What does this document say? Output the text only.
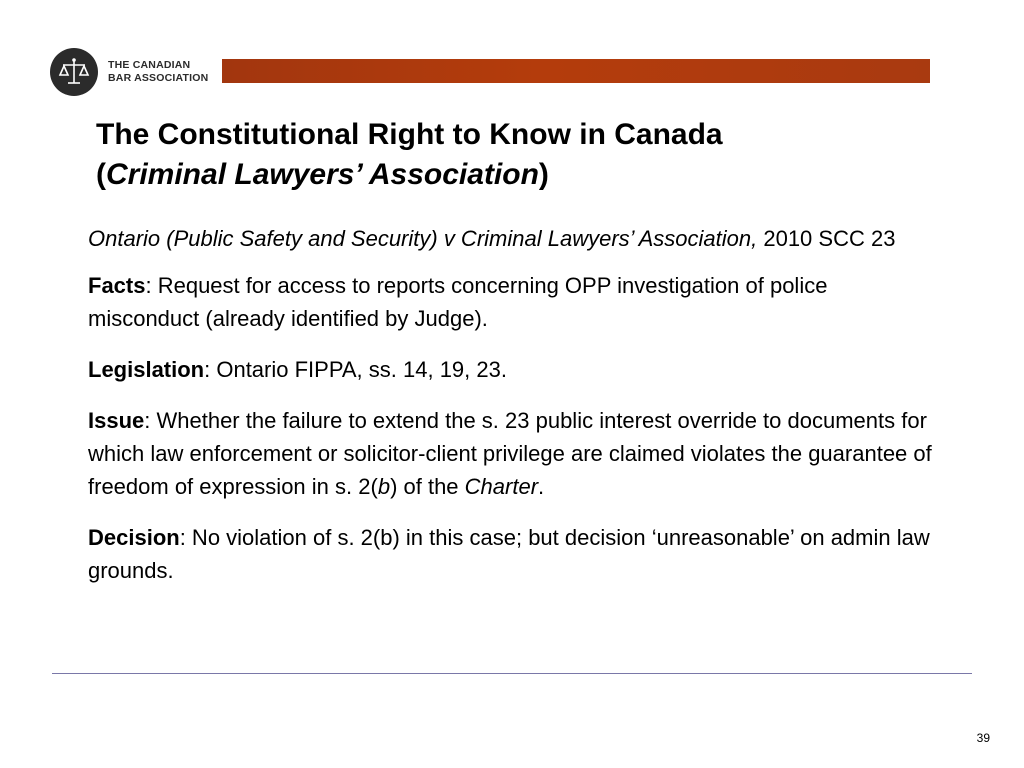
THE CANADIAN
BAR ASSOCIATION
The Constitutional Right to Know in Canada
(Criminal Lawyers’ Association)

Ontario (Public Safety and Security) v Criminal Lawyers’ Association, 2010 SCC 23

Facts: Request for access to reports concerning OPP investigation of police misconduct (already identified by Judge).

Legislation: Ontario FIPPA, ss. 14, 19, 23.

Issue: Whether the failure to extend the s. 23 public interest override to documents for which law enforcement or solicitor-client privilege are claimed violates the guarantee of freedom of expression in s. 2(b) of the Charter.

Decision: No violation of s. 2(b) in this case; but decision ‘unreasonable’ on admin law grounds.

39
